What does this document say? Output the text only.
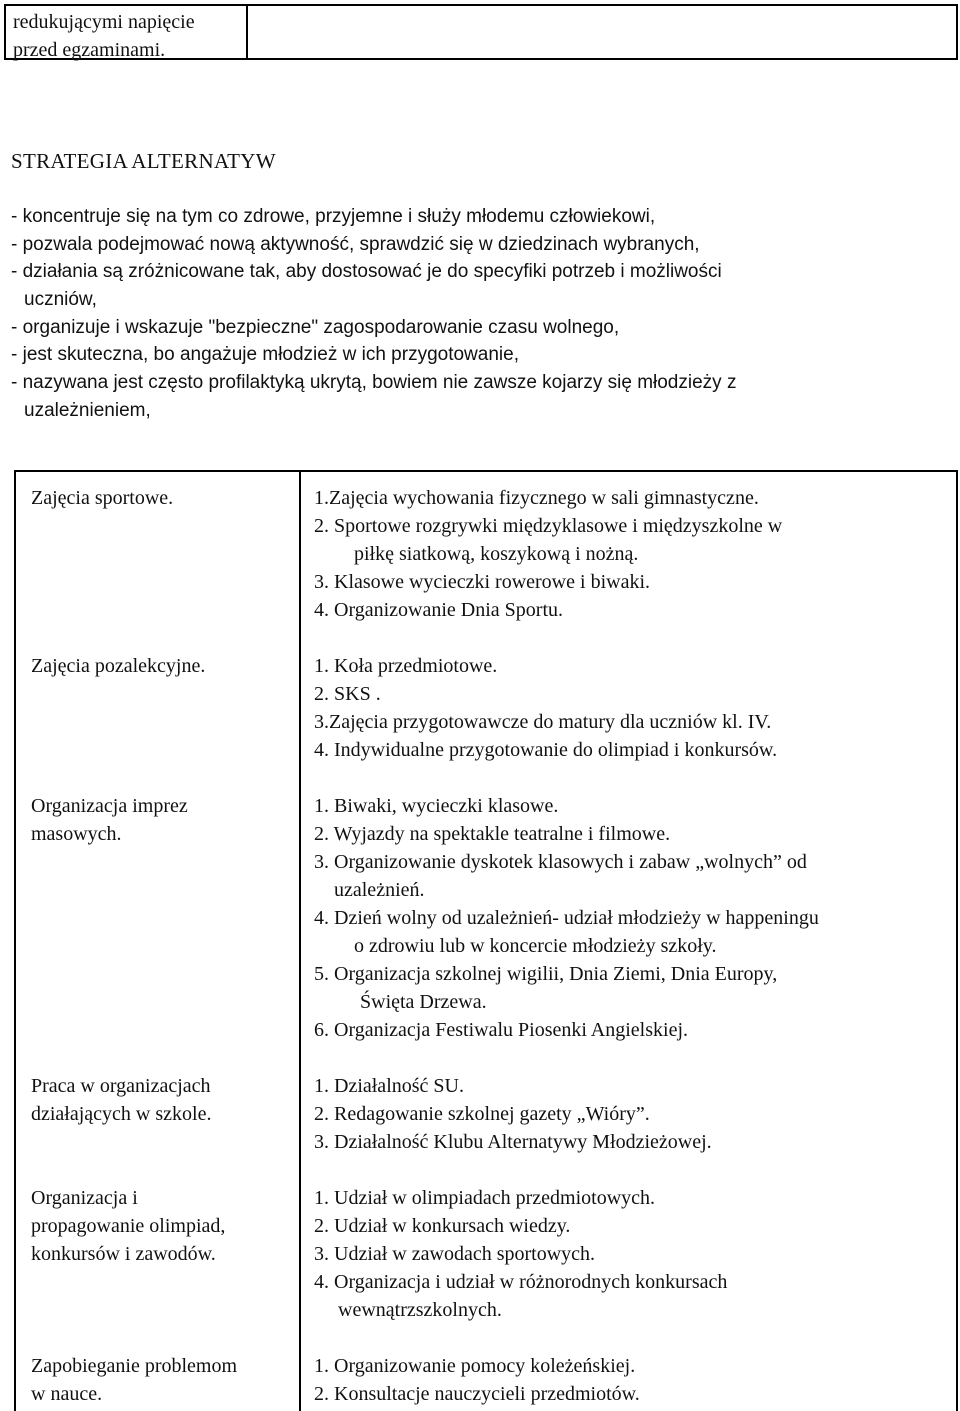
redukującymi napięcie
przed egzaminami.
STRATEGIA ALTERNATYW
- koncentruje się na tym co zdrowe, przyjemne i służy młodemu człowiekowi,
- pozwala podejmować nową aktywność, sprawdzić się w dziedzinach wybranych,
- działania są zróżnicowane tak, aby dostosować je do specyfiki potrzeb i możliwości
uczniów,
- organizuje i wskazuje "bezpieczne" zagospodarowanie czasu wolnego,
- jest skuteczna, bo angażuje młodzież w ich przygotowanie,
- nazywana jest często profilaktyką ukrytą, bowiem nie zawsze kojarzy się młodzieży z
uzależnieniem,
Zajęcia sportowe.	1.Zajęcia wychowania fizycznego w sali gimnastyczne.
2. Sportowe rozgrywki międzyklasowe i międzyszkolne w
piłkę siatkową, koszykową i nożną.
3. Klasowe wycieczki rowerowe i biwaki.
4. Organizowanie Dnia Sportu.
Zajęcia pozalekcyjne.	1. Koła przedmiotowe.
2. SKS .
3.Zajęcia przygotowawcze do matury dla uczniów kl. IV.
4. Indywidualne przygotowanie do olimpiad i konkursów.
Organizacja imprez
masowych.
1. Biwaki, wycieczki klasowe.
2. Wyjazdy na spektakle teatralne i filmowe.
3. Organizowanie dyskotek klasowych i zabaw „wolnych” od
uzależnień.
4. Dzień wolny od uzależnień- udział młodzieży w happeningu
o zdrowiu lub w koncercie młodzieży szkoły.
5. Organizacja szkolnej wigilii, Dnia Ziemi, Dnia Europy,
Święta Drzewa.
6. Organizacja Festiwalu Piosenki Angielskiej.
Praca w organizacjach
działających w szkole.
1. Działalność SU.
2. Redagowanie szkolnej gazety „Wióry”.
3. Działalność Klubu Alternatywy Młodzieżowej.
Organizacja i
propagowanie olimpiad,
konkursów i zawodów.
1. Udział w olimpiadach przedmiotowych.
2. Udział w konkursach wiedzy.
3. Udział w zawodach sportowych.
4. Organizacja i udział w różnorodnych konkursach
wewnątrzszkolnych.
Zapobieganie problemom
w nauce.
1. Organizowanie pomocy koleżeńskiej.
2. Konsultacje nauczycieli przedmiotów.
